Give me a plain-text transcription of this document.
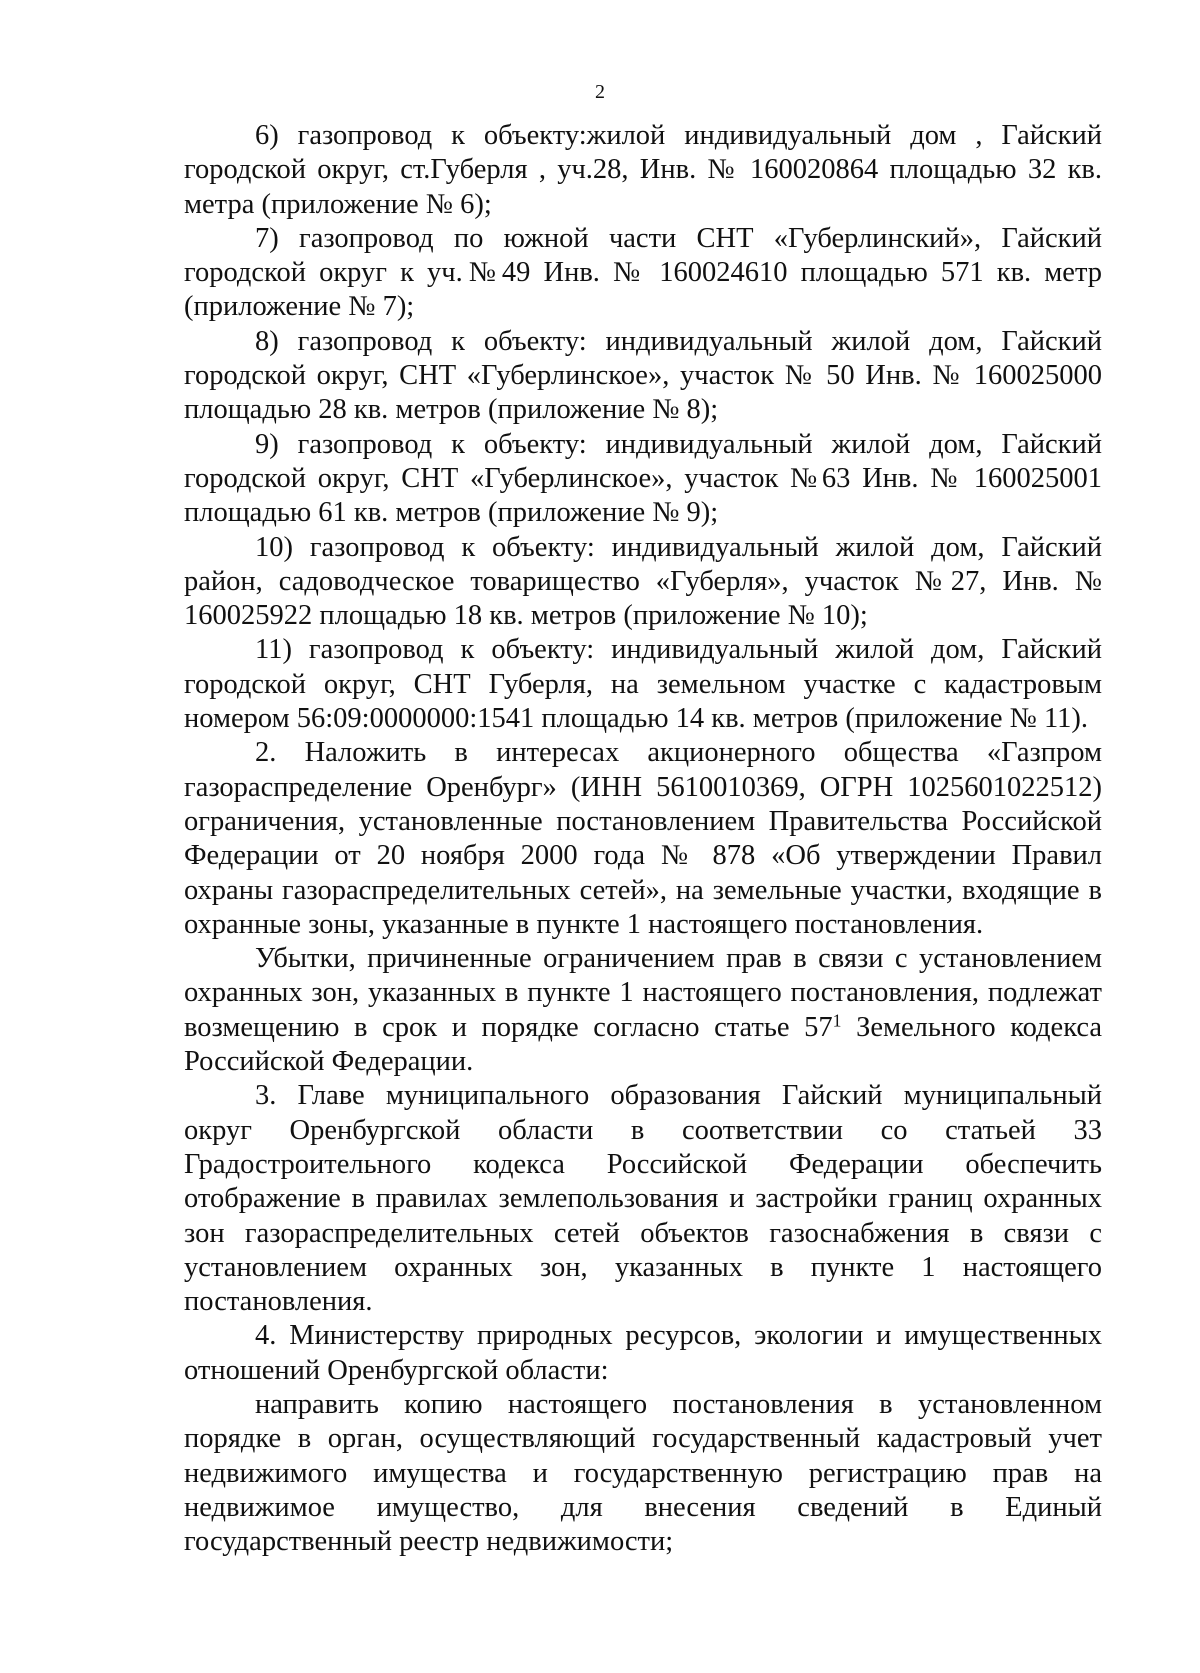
2

6) газопровод к объекту:жилой индивидуальный дом , Гайский городской округ, ст.Губерля , уч.28, Инв. № 160020864 площадью 32 кв. метра (приложение № 6);

7) газопровод по южной части СНТ «Губерлинский», Гайский городской округ к уч.№49 Инв. № 160024610 площадью 571 кв. метр (приложение № 7);

8) газопровод к объекту: индивидуальный жилой дом, Гайский городской округ, СНТ «Губерлинское», участок № 50 Инв. № 160025000 площадью 28 кв. метров (приложение № 8);

9) газопровод к объекту: индивидуальный жилой дом, Гайский городской округ, СНТ «Губерлинское», участок №63 Инв. № 160025001 площадью 61 кв. метров (приложение № 9);

10) газопровод к объекту: индивидуальный жилой дом, Гайский район, садоводческое товарищество «Губерля», участок №27, Инв. № 160025922 площадью 18 кв. метров (приложение № 10);

11) газопровод к объекту: индивидуальный жилой дом, Гайский городской округ, СНТ Губерля, на земельном участке с кадастровым номером 56:09:0000000:1541 площадью 14 кв. метров (приложение № 11).

2. Наложить в интересах акционерного общества «Газпром газораспределение Оренбург» (ИНН 5610010369, ОГРН 1025601022512) ограничения, установленные постановлением Правительства Российской Федерации от 20 ноября 2000 года № 878 «Об утверждении Правил охраны газораспределительных сетей», на земельные участки, входящие в охранные зоны, указанные в пункте 1 настоящего постановления.

Убытки, причиненные ограничением прав в связи с установлением охранных зон, указанных в пункте 1 настоящего постановления, подлежат возмещению в срок и порядке согласно статье $57^1$ Земельного кодекса Российской Федерации.

3. Главе муниципального образования Гайский муниципальный округ Оренбургской области в соответствии со статьей 33 Градостроительного кодекса Российской Федерации обеспечить отображение в правилах землепользования и застройки границ охранных зон газораспределительных сетей объектов газоснабжения в связи с установлением охранных зон, указанных в пункте 1 настоящего постановления.

4. Министерству природных ресурсов, экологии и имущественных отношений Оренбургской области:

направить копию настоящего постановления в установленном порядке в орган, осуществляющий государственный кадастровый учет недвижимого имущества и государственную регистрацию прав на недвижимое имущество, для внесения сведений в Единый государственный реестр недвижимости;
